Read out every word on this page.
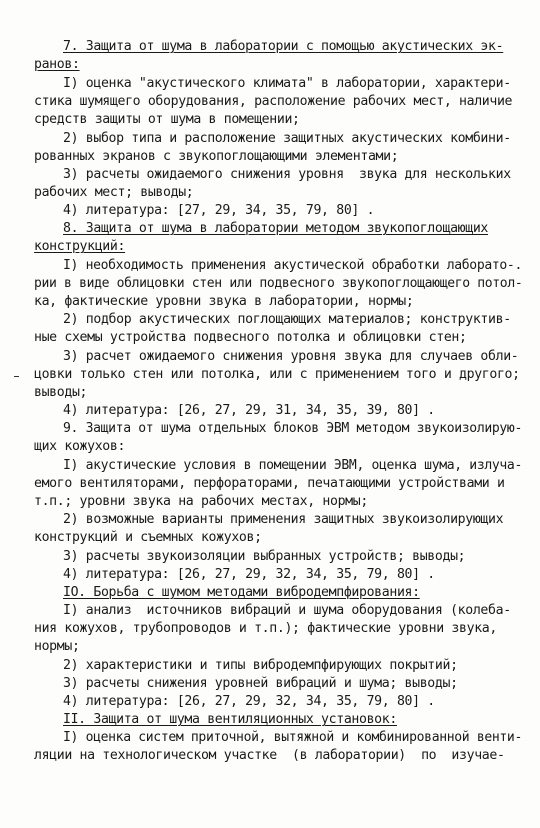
7. Защита от шума в лаборатории с помощью акустических эк-
ранов:
I) оценка "акустического климата" в лаборатории, характери-
стика шумящего оборудования, расположение рабочих мест, наличие
средств защиты от шума в помещении;
2) выбор типа и расположение защитных акустических комбини-
рованных экранов с звукопоглощающими элементами;
3) расчеты ожидаемого снижения уровня  звука для нескольких
рабочих мест; выводы;
4) литература: [27, 29, 34, 35, 79, 80] .
8. Защита от шума в лаборатории методом звукопоглощающих
конструкций:
I) необходимость применения акустической обработки лаборато-.
рии в виде облицовки стен или подвесного звукопоглощающего потол-
ка, фактические уровни звука в лаборатории, нормы;
2) подбор акустических поглощающих материалов; конструктив-
ные схемы устройства подвесного потолка и облицовки стен;
3) расчет ожидаемого снижения уровня звука для случаев обли-
цовки только стен или потолка, или с применением того и другого;
выводы;
4) литература: [26, 27, 29, 31, 34, 35, 39, 80] .
9. Защита от шума отдельных блоков ЭВМ методом звукоизолирую-
щих кожухов:
I) акустические условия в помещении ЭВМ, оценка шума, излуча-
емого вентиляторами, перфораторами, печатающими устройствами и
т.п.; уровни звука на рабочих местах, нормы;
2) возможные варианты применения защитных звукоизолирующих
конструкций и съемных кожухов;
3) расчеты звукоизоляции выбранных устройств; выводы;
4) литература: [26, 27, 29, 32, 34, 35, 79, 80] .
IO. Борьба с шумом методами вибродемпфирования:
I) анализ  источников вибраций и шума оборудования (колеба-
ния кожухов, трубопроводов и т.п.); фактические уровни звука,
нормы;
2) характеристики и типы вибродемпфирующих покрытий;
3) расчеты снижения уровней вибраций и шума; выводы;
4) литература: [26, 27, 29, 32, 34, 35, 79, 80] .
II. Защита от шума вентиляционных установок:
I) оценка систем приточной, вытяжной и комбинированной венти-
ляции на технологическом участке  (в лаборатории)  по  изучае-
